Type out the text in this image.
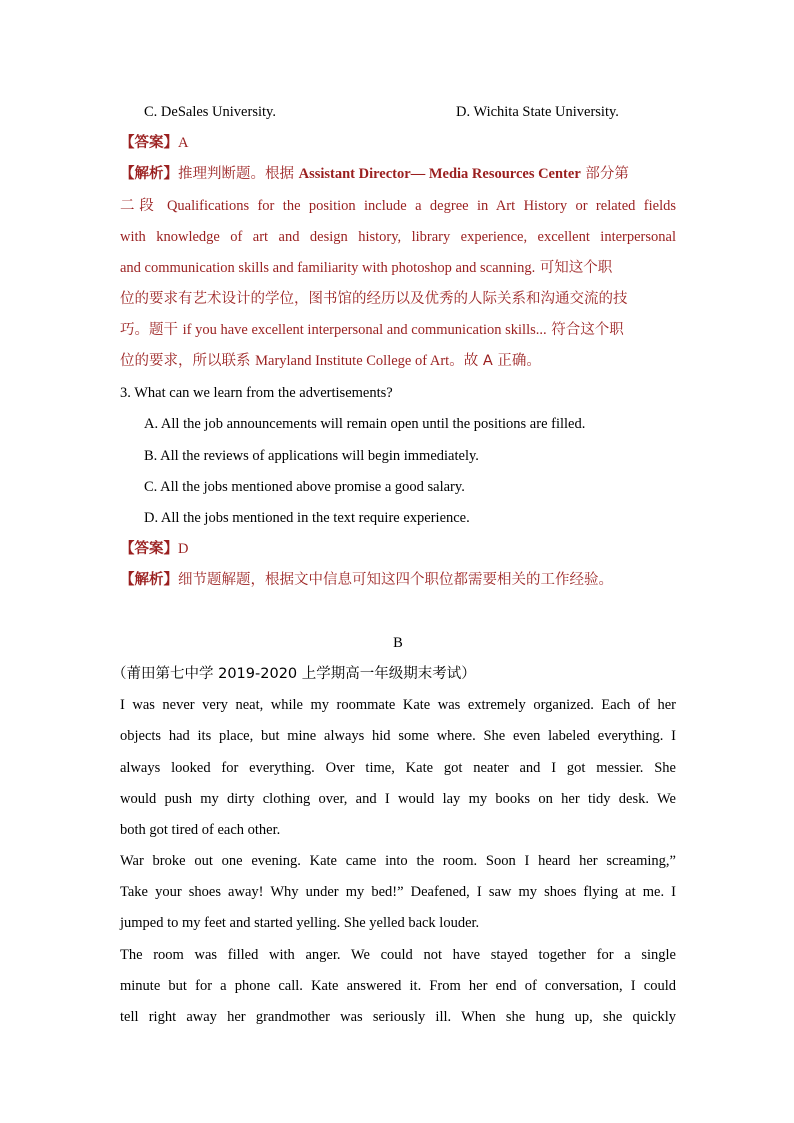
C. DeSales University.	D. Wichita State University.
【答案】A
【解析】推理判断题。根据 Assistant Director— Media Resources Center 部分第
二段 Qualifications for the position include a degree in Art History or related fields
with knowledge of art and design history, library experience, excellent interpersonal
and communication skills and familiarity with photoshop and scanning. 可知这个职
位的要求有艺术设计的学位，图书馆的经历以及优秀的人际关系和沟通交流的技
巧。题干 if you have excellent interpersonal and communication skills... 符合这个职
位的要求，所以联系 Maryland Institute College of Art。故 A 正确。
3. What can we learn from the advertisements?
A. All the job announcements will remain open until the positions are filled.
B. All the reviews of applications will begin immediately.
C. All the jobs mentioned above promise a good salary.
D. All the jobs mentioned in the text require experience.
【答案】D
【解析】细节题解题，根据文中信息可知这四个职位都需要相关的工作经验。
B
（莆田第七中学 2019-2020 上学期高一年级期末考试）
I was never very neat, while my roommate Kate was extremely organized. Each of her
objects had its place, but mine always hid some where. She even labeled everything. I
always looked for everything. Over time, Kate got neater and I got messier. She
would push my dirty clothing over, and I would lay my books on her tidy desk. We
both got tired of each other.
War broke out one evening. Kate came into the room. Soon I heard her screaming,”
Take your shoes away! Why under my bed!” Deafened, I saw my shoes flying at me. I
jumped to my feet and started yelling. She yelled back louder.
The room was filled with anger. We could not have stayed together for a single
minute but for a phone call. Kate answered it. From her end of conversation, I could
tell right away her grandmother was seriously ill. When she hung up, she quickly
